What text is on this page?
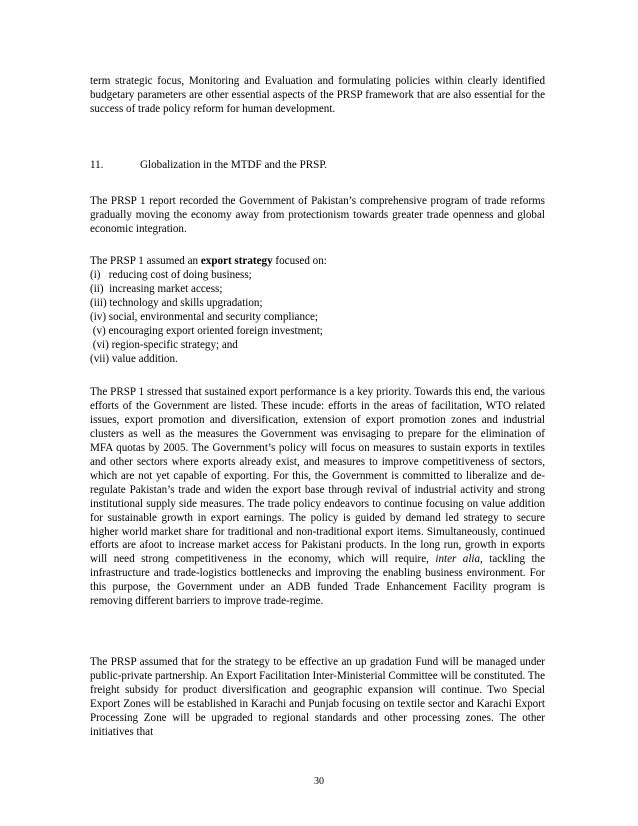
term strategic focus, Monitoring and Evaluation and formulating policies within clearly identified budgetary parameters are other essential aspects of the PRSP framework that are also essential for the success of trade policy reform for human development.

11.	Globalization in the MTDF and the PRSP.

The PRSP 1 report recorded the Government of Pakistan’s comprehensive program of trade reforms gradually moving the economy away from protectionism towards greater trade openness and global economic integration.

The PRSP 1 assumed an export strategy focused on:
(i)   reducing cost of doing business;
(ii)  increasing market access;
(iii) technology and skills upgradation;
(iv) social, environmental and security compliance;
(v) encouraging export oriented foreign investment;
(vi) region-specific strategy; and
(vii) value addition.

The PRSP 1 stressed that sustained export performance is a key priority. Towards this end, the various efforts of the Government are listed. These incude: efforts in the areas of facilitation, WTO related issues, export promotion and diversification, extension of export promotion zones and industrial clusters as well as the measures the Government was envisaging to prepare for the elimination of MFA quotas by 2005. The Government’s policy will focus on measures to sustain exports in textiles and other sectors where exports already exist, and measures to improve competitiveness of sectors, which are not yet capable of exporting. For this, the Government is committed to liberalize and de-regulate Pakistan’s trade and widen the export base through revival of industrial activity and strong institutional supply side measures. The trade policy endeavors to continue focusing on value addition for sustainable growth in export earnings. The policy is guided by demand led strategy to secure higher world market share for traditional and non-traditional export items. Simultaneously, continued efforts are afoot to increase market access for Pakistani products. In the long run, growth in exports will need strong competitiveness in the economy, which will require, inter alia, tackling the infrastructure and trade-logistics bottlenecks and improving the enabling business environment. For this purpose, the Government under an ADB funded Trade Enhancement Facility program is removing different barriers to improve trade-regime.

The PRSP assumed that for the strategy to be effective an up gradation Fund will be managed under public-private partnership. An Export Facilitation Inter-Ministerial Committee will be constituted. The freight subsidy for product diversification and geographic expansion will continue. Two Special Export Zones will be established in Karachi and Punjab focusing on textile sector and Karachi Export Processing Zone will be upgraded to regional standards and other processing zones. The other initiatives that

30
